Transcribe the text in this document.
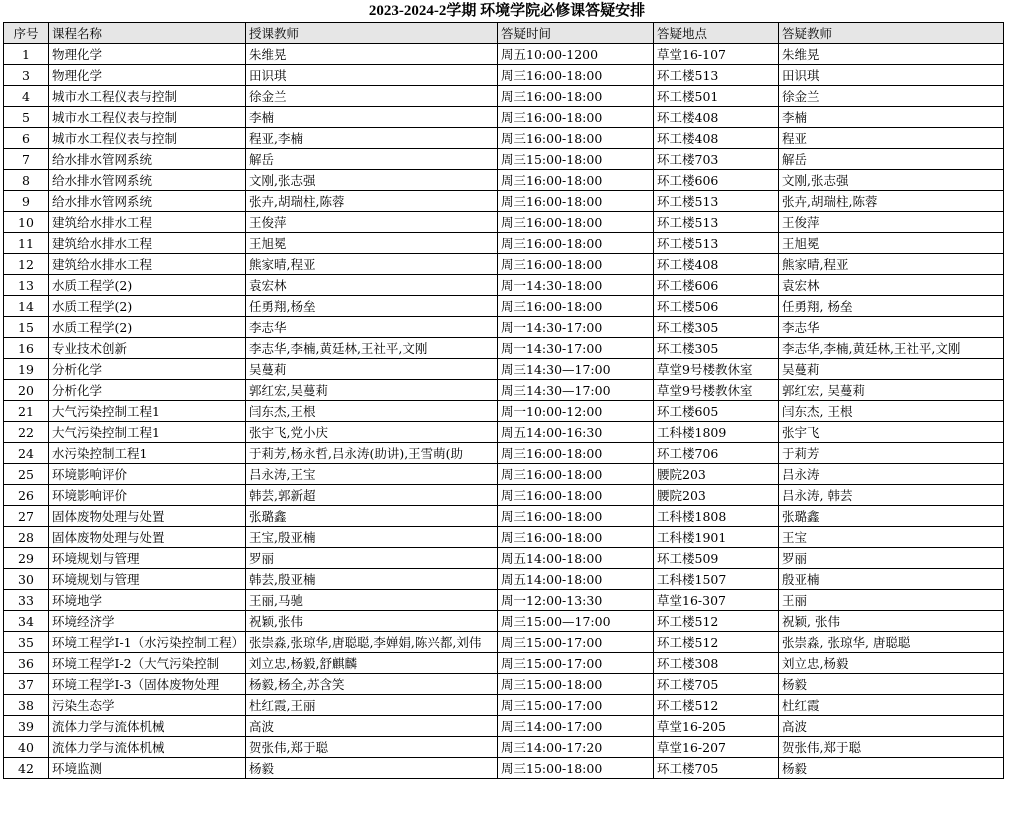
2023-2024-2学期 环境学院必修课答疑安排
序号	课程名称	授课教师	答疑时间	答疑地点	答疑教师
1	物理化学	朱维晃	周五10:00-1200	草堂16-107	朱维晃
3	物理化学	田识琪	周三16:00-18:00	环工楼513	田识琪
4	城市水工程仪表与控制	徐金兰	周三16:00-18:00	环工楼501	徐金兰
5	城市水工程仪表与控制	李楠	周三16:00-18:00	环工楼408	李楠
6	城市水工程仪表与控制	程亚,李楠	周三16:00-18:00	环工楼408	程亚
7	给水排水管网系统	解岳	周三15:00-18:00	环工楼703	解岳
8	给水排水管网系统	文刚,张志强	周三16:00-18:00	环工楼606	文刚,张志强
9	给水排水管网系统	张卉,胡瑞柱,陈蓉	周三16:00-18:00	环工楼513	张卉,胡瑞柱,陈蓉
10	建筑给水排水工程	王俊萍	周三16:00-18:00	环工楼513	王俊萍
11	建筑给水排水工程	王旭冕	周三16:00-18:00	环工楼513	王旭冕
12	建筑给水排水工程	熊家晴,程亚	周三16:00-18:00	环工楼408	熊家晴,程亚
13	水质工程学(2)	袁宏林	周一14:30-18:00	环工楼606	袁宏林
14	水质工程学(2)	任勇翔,杨垒	周三16:00-18:00	环工楼506	任勇翔, 杨垒
15	水质工程学(2)	李志华	周一14:30-17:00	环工楼305	李志华
16	专业技术创新	李志华,李楠,黄廷林,王社平,文刚	周一14:30-17:00	环工楼305	李志华,李楠,黄廷林,王社平,文刚
19	分析化学	吴蔓莉	周三14:30—17:00	草堂9号楼教休室	吴蔓莉
20	分析化学	郭红宏,吴蔓莉	周三14:30—17:00	草堂9号楼教休室	郭红宏, 吴蔓莉
21	大气污染控制工程1	闫东杰,王根	周一10:00-12:00	环工楼605	闫东杰, 王根
22	大气污染控制工程1	张宇飞,党小庆	周五14:00-16:30	工科楼1809	张宇飞
24	水污染控制工程1	于莉芳,杨永哲,吕永涛(助讲),王雪萌(助	周三16:00-18:00	环工楼706	于莉芳
25	环境影响评价	吕永涛,王宝	周三16:00-18:00	腰院203	吕永涛
26	环境影响评价	韩芸,郭新超	周三16:00-18:00	腰院203	吕永涛, 韩芸
27	固体废物处理与处置	张璐鑫	周三16:00-18:00	工科楼1808	张璐鑫
28	固体废物处理与处置	王宝,殷亚楠	周三16:00-18:00	工科楼1901	王宝
29	环境规划与管理	罗丽	周五14:00-18:00	环工楼509	罗丽
30	环境规划与管理	韩芸,殷亚楠	周五14:00-18:00	工科楼1507	殷亚楠
33	环境地学	王丽,马驰	周一12:00-13:30	草堂16-307	王丽
34	环境经济学	祝颖,张伟	周三15:00—17:00	环工楼512	祝颖, 张伟
35	环境工程学I-1（水污染控制工程）	张崇淼,张琼华,唐聪聪,李婵娟,陈兴都,刘伟	周三15:00-17:00	环工楼512	张崇淼, 张琼华, 唐聪聪
36	环境工程学I-2（大气污染控制	刘立忠,杨毅,舒麒麟	周三15:00-17:00	环工楼308	刘立忠,杨毅
37	环境工程学I-3（固体废物处理	杨毅,杨全,苏含笑	周三15:00-18:00	环工楼705	杨毅
38	污染生态学	杜红霞,王丽	周三15:00-17:00	环工楼512	杜红霞
39	流体力学与流体机械	高波	周三14:00-17:00	草堂16-205	高波
40	流体力学与流体机械	贺张伟,郑于聪	周三14:00-17:20	草堂16-207	贺张伟,郑于聪
42	环境监测	杨毅	周三15:00-18:00	环工楼705	杨毅
